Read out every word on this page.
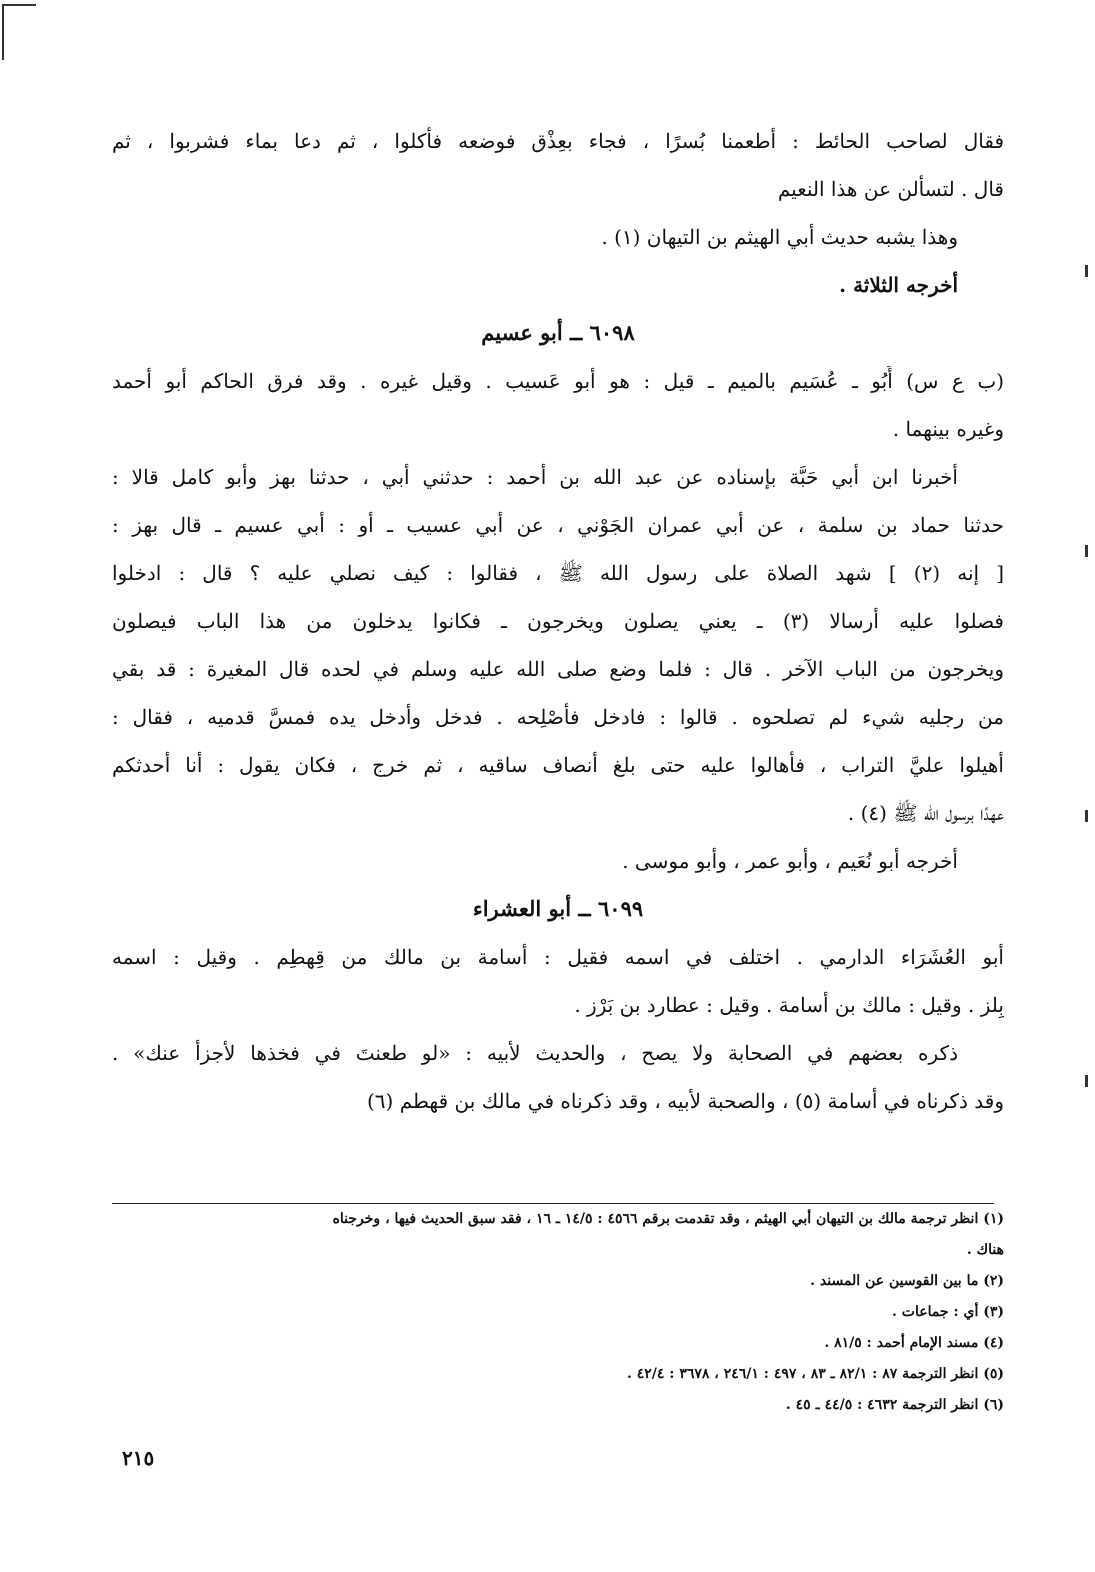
فقال لصاحب الحائط : أطعمنا بُسرًا ، فجاء بعِذْق فوضعه فأكلوا ، ثم دعا بماء فشربوا ، ثم

قال . لتسألن عن هذا النعيم

وهذا يشبه حديث أبي الهيثم بن التيهان (١) .

أخرجه الثلاثة .

٦٠٩٨ ــ أبو عسيم

(ب ع س) أَبُو ـ عُسَيم بالميم ـ قيل : هو أبو عَسيب . وقيل غيره . وقد فرق الحاكم أبو أحمد

وغيره بينهما .

أخبرنا ابن أبي حَبَّة بإسناده عن عبد الله بن أحمد : حدثني أبي ، حدثنا بهز وأبو كامل قالا :

حدثنا حماد بن سلمة ، عن أبي عمران الجَوْني ، عن أبي عسيب ـ أو : أبي عسيم ـ قال بهز :

[ إنه (٢) ] شهد الصلاة على رسول الله ﷺ ، فقالوا : كيف نصلي عليه ؟ قال : ادخلوا

فصلوا عليه أرسالا (٣) ـ يعني يصلون ويخرجون ـ فكانوا يدخلون من هذا الباب فيصلون

ويخرجون من الباب الآخر . قال : فلما وضع صلى الله عليه وسلم في لحده قال المغيرة : قد بقي

من رجليه شيء لم تصلحوه . قالوا : فادخل فأَصْلِحه . فدخل وأدخل يده فمسَّ قدميه ، فقال :

أهيلوا عليَّ التراب ، فأهالوا عليه حتى بلغ أنصاف ساقيه ، ثم خرج ، فكان يقول : أنا أحدثكم

عهدًا برسول الله ﷺ (٤) .

أخرجه أبو نُعَيم ، وأبو عمر ، وأبو موسى .

٦٠٩٩ ــ أبو العشراء

أبو العُشَرَاء الدارمي . اختلف في اسمه فقيل : أسامة بن مالك من قِهطِم . وقيل : اسمه

بِلز . وقيل : مالك بن أسامة . وقيل : عطارد بن بَرْز .

ذكره بعضهم في الصحابة ولا يصح ، والحديث لأبيه : «لو طعنتَ في فخذها لأجزأ عنك» .

وقد ذكرناه في أسامة (٥) ، والصحبة لأبيه ، وقد ذكرناه في مالك بن قهطم (٦)

(١) انظر ترجمة مالك بن التيهان أبي الهيثم ، وقد تقدمت برقم ٤٥٦٦ : ١٤/٥ ـ ١٦ ، فقد سبق الحديث فيها ، وخرجناه

هناك .

(٢) ما بين القوسين عن المسند .

(٣) أي : جماعات .

(٤) مسند الإمام أحمد : ٨١/٥ .

(٥) انظر الترجمة ٨٧ : ٨٢/١ ـ ٨٣ ، ٤٩٧ : ٢٤٦/١ ، ٣٦٧٨ : ٤٢/٤ .

(٦) انظر الترجمة ٤٦٣٢ : ٤٤/٥ ـ ٤٥ .

٢١٥
